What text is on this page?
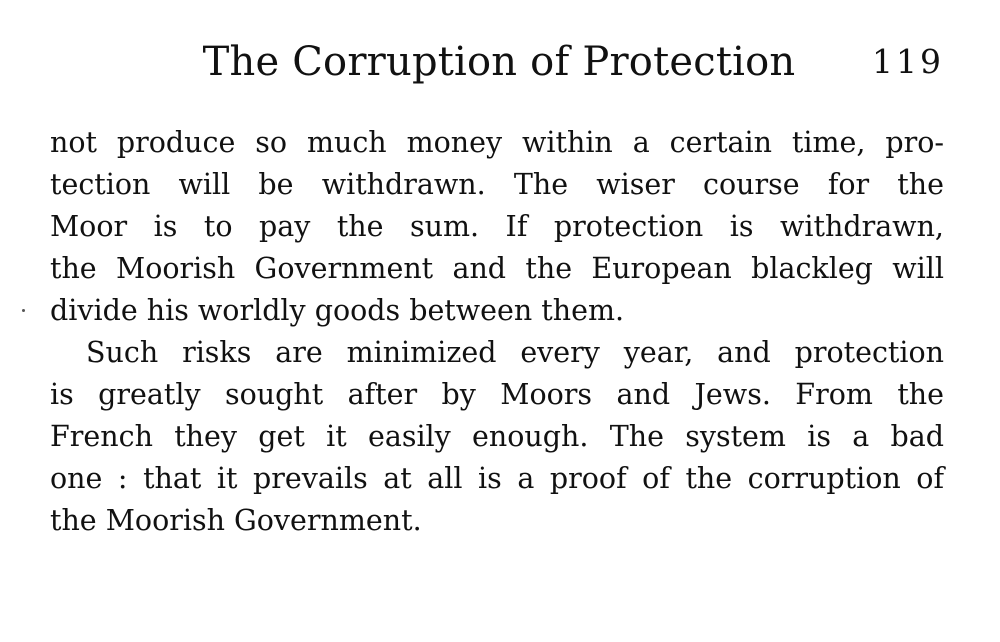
The Corruption of Protection	119
not produce so much money within a certain time, pro-
tection will be withdrawn. The wiser course for the
Moor is to pay the sum. If protection is withdrawn,
the Moorish Government and the European blackleg will
divide his worldly goods between them.
Such risks are minimized every year, and protection
is greatly sought after by Moors and Jews. From the
French they get it easily enough. The system is a bad
one : that it prevails at all is a proof of the corruption of
the Moorish Government.
